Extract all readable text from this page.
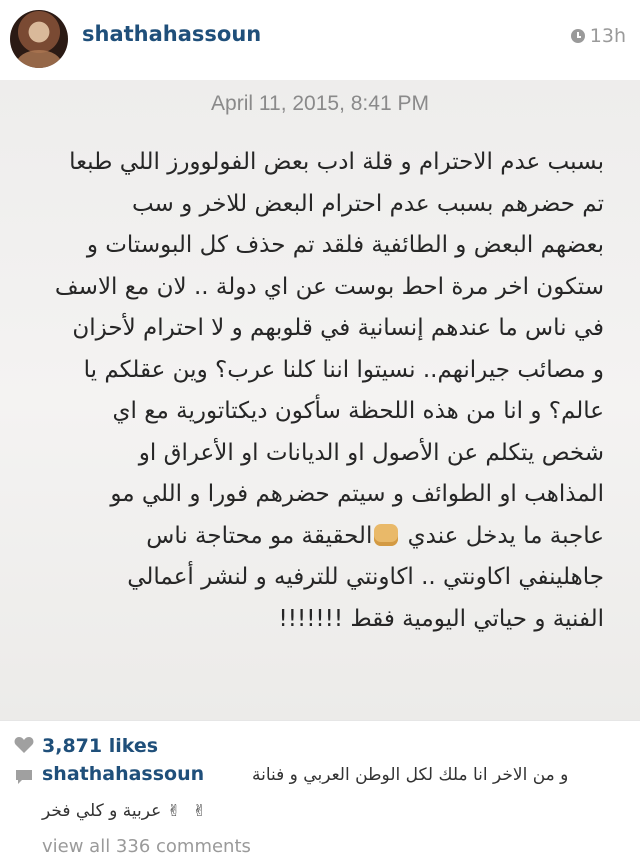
shathahassoun	13h
April 11, 2015, 8:41 PM
بسبب عدم الاحترام و قلة ادب بعض الفولوورز اللي طبعا
تم حضرهم بسبب عدم احترام البعض للاخر و سب
بعضهم البعض و الطائفية فلقد تم حذف كل البوستات و
ستكون اخر مرة احط بوست عن اي دولة .. لان مع الاسف
في ناس ما عندهم إنسانية في قلوبهم و لا احترام لأحزان
و مصائب جيرانهم.. نسيتوا اننا كلنا عرب؟ وين عقلكم يا
عالم؟ و انا من هذه اللحظة سأكون ديكتاتورية مع اي
شخص يتكلم عن الأصول او الديانات او الأعراق او
المذاهب او الطوائف و سيتم حضرهم فورا و اللي مو
عاجبة ما يدخل عندي الحقيقة مو محتاجة ناس
جاهلينفي اكاونتي .. اكاونتي للترفيه و لنشر أعمالي
الفنية و حياتي اليومية فقط !!!!!!!
3,871 likes
shathahassoun	و من الاخر انا ملك لكل الوطن العربي و فنانة
✌✌عربية و كلي فخر
view all 336 comments
